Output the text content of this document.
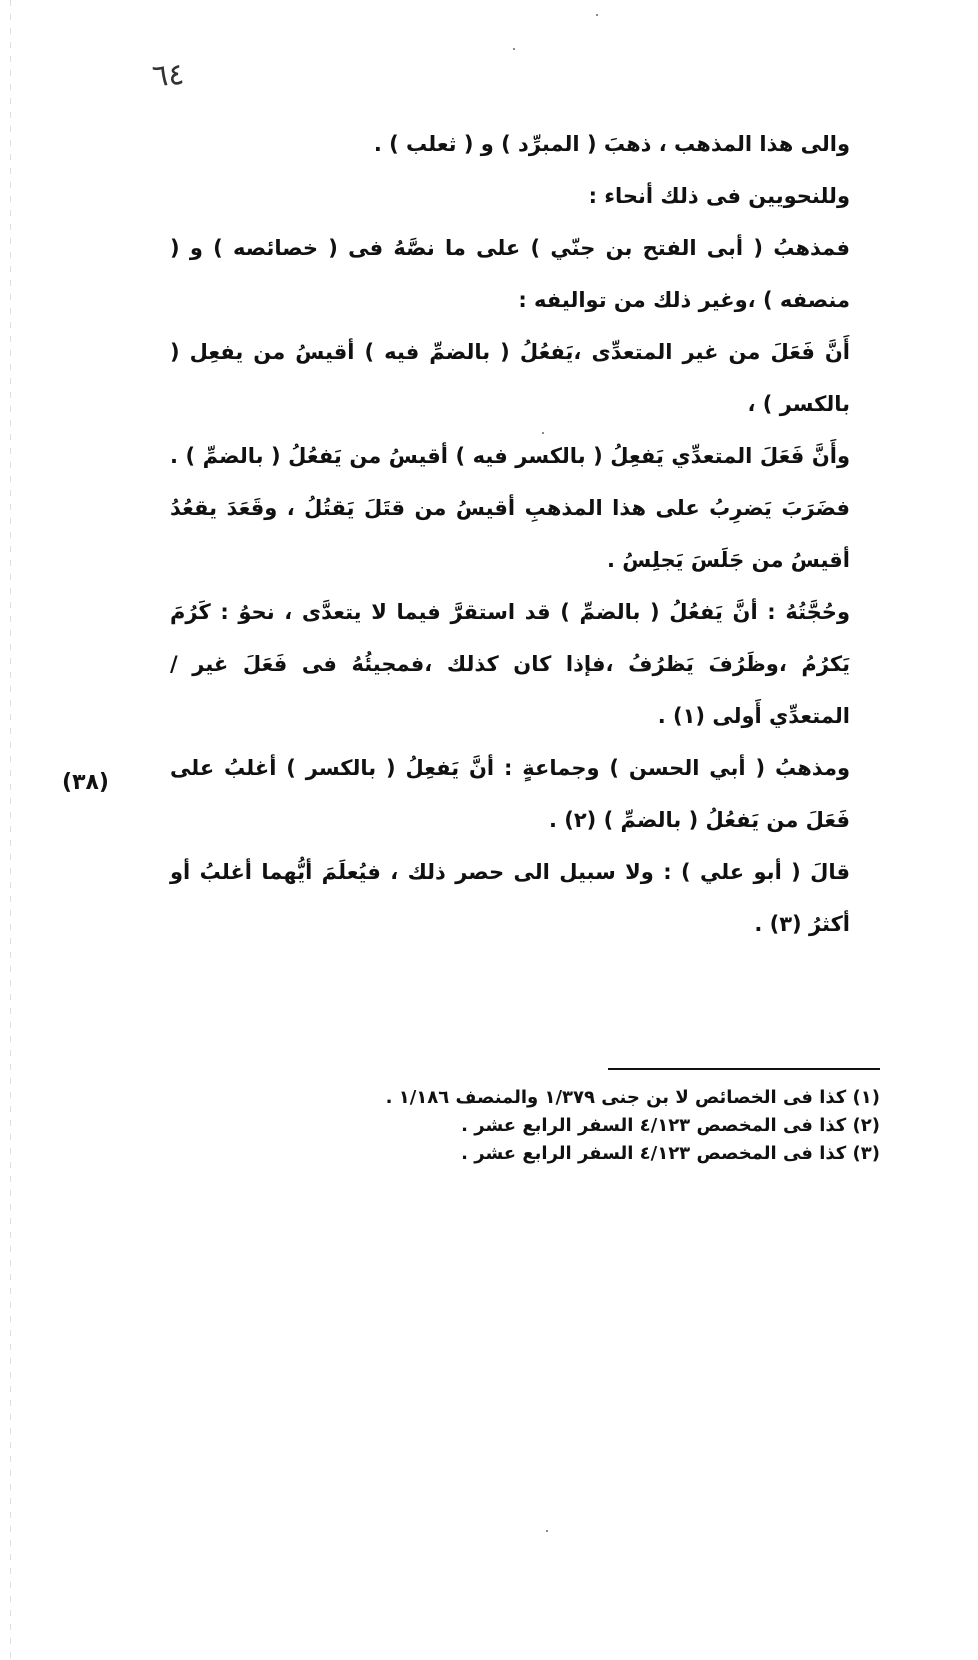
٦٤
(٣٨)

والى هذا المذهب ، ذهبَ ( المبرِّد ) و ( ثعلب ) .

وللنحويين فى ذلك أنحاء :

فمذهبُ ( أبى الفتح بن جنّي ) على ما نصَّهُ فى ( خصائصه ) و ( منصفه ) ،وغير ذلك من تواليفه :

أَنَّ فَعَلَ من غير المتعدِّى ،يَفعُلُ ( بالضمِّ فيه ) أقيسُ من يفعِل ( بالكسر ) ،

وأَنَّ فَعَلَ المتعدِّي يَفعِلُ ( بالكسر فيه ) أقيسُ من يَفعُلُ ( بالضمِّ ) . فضَرَبَ يَضرِبُ على هذا المذهبِ أقيسُ من قتَلَ يَقتُلُ ، وقَعَدَ يقعُدُ أقيسُ من جَلَسَ يَجلِسُ .

وحُجَّتُهُ : أنَّ يَفعُلُ ( بالضمِّ ) قد استقرَّ فيما لا يتعدَّى ، نحوُ : كَرُمَ يَكرُمُ ،وظَرُفَ يَظرُفُ ،فإذا كان كذلك ،فمجيئُهُ فى فَعَلَ غير / المتعدِّي أَولى (١) .

ومذهبُ ( أبي الحسن ) وجماعةٍ : أنَّ يَفعِلُ ( بالكسر ) أغلبُ على فَعَلَ من يَفعُلُ ( بالضمِّ ) (٢) .

قالَ ( أبو علي ) : ولا سبيل الى حصر ذلك ، فيُعلَمَ أيُّهما أغلبُ أو أكثرُ (٣) .

(١) كذا فى الخصائص لا بن جنى ١/٣٧٩ والمنصف ١/١٨٦ .

(٢) كذا فى المخصص ٤/١٢٣ السفر الرابع عشر .

(٣) كذا فى المخصص ٤/١٢٣ السفر الرابع عشر .
